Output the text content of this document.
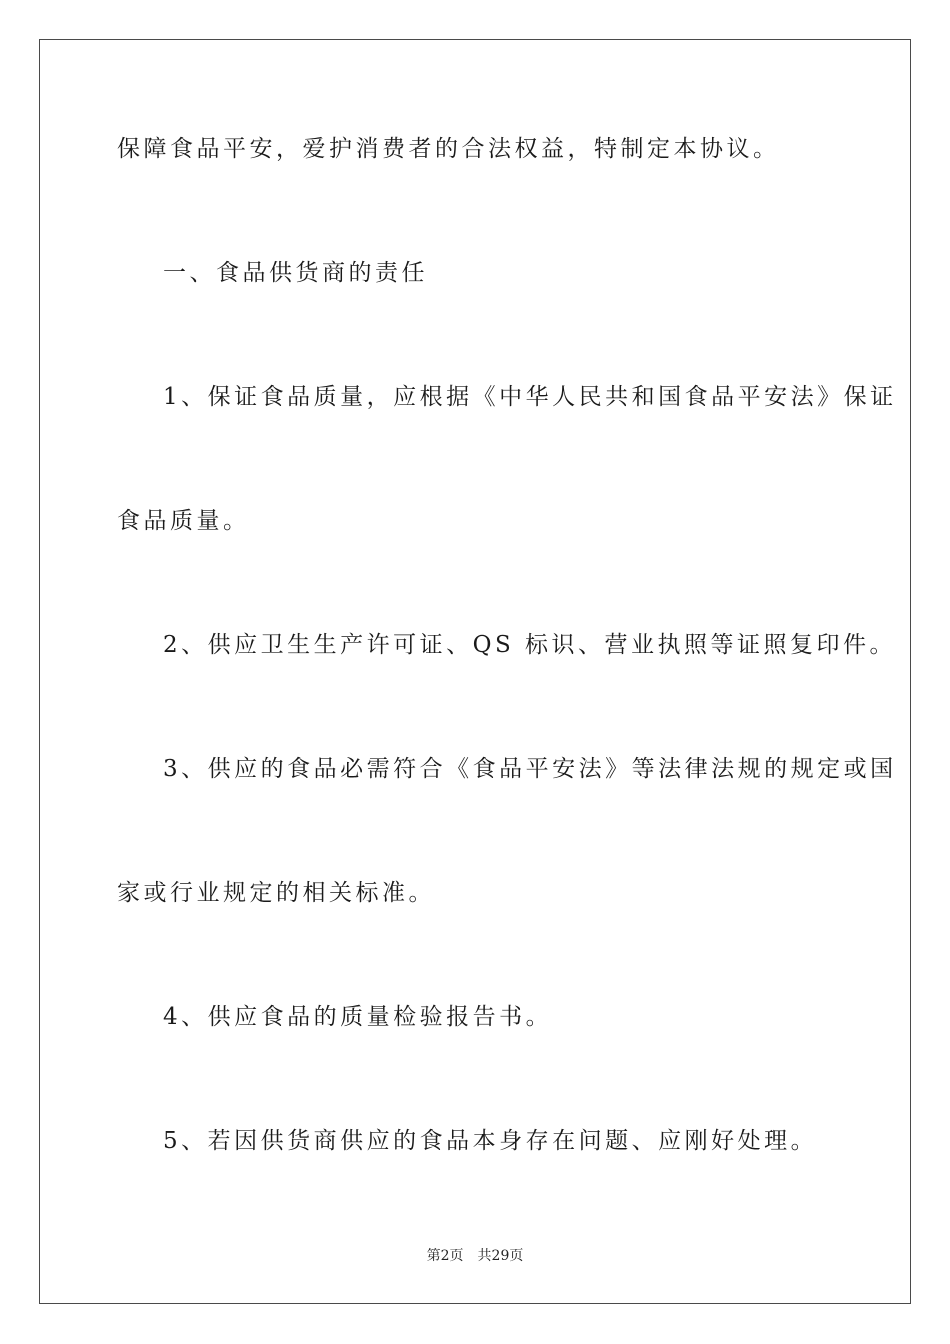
保障食品平安，爱护消费者的合法权益，特制定本协议。
一、食品供货商的责任
1、保证食品质量，应根据《中华人民共和国食品平安法》保证
食品质量。
2、供应卫生生产许可证、QS 标识、营业执照等证照复印件。
3、供应的食品必需符合《食品平安法》等法律法规的规定或国
家或行业规定的相关标准。
4、供应食品的质量检验报告书。
5、若因供货商供应的食品本身存在问题、应刚好处理。
第2页 共29页
